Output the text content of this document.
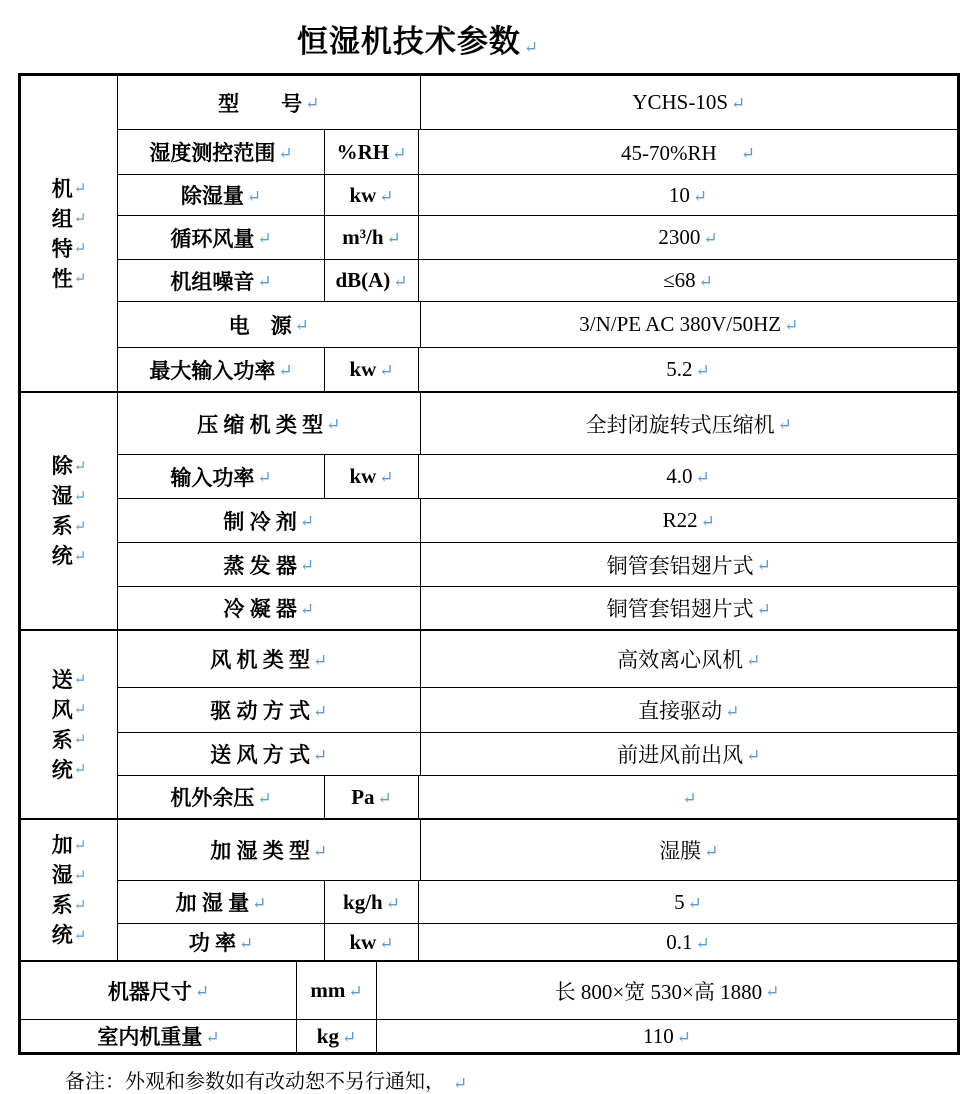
恒湿机技术参数 ↵
机 ↵
组 ↵
特 ↵
性 ↵
型　　号 ↵	YCHS-10S ↵
湿度测控范围 ↵ %RH ↵	45-70%RH　 ↵
除湿量 ↵	kw ↵	10 ↵
循环风量 ↵	m³/h ↵	2300 ↵
机组噪音 ↵	dB(A) ↵	≤68 ↵
电　源 ↵	3/N/PE AC 380V/50HZ ↵
最大输入功率 ↵	kw ↵	5.2 ↵
除 ↵
湿 ↵
系 ↵
统 ↵
压 缩 机 类 型 ↵	全封闭旋转式压缩机 ↵
输入功率 ↵	kw ↵	4.0 ↵
制 冷 剂 ↵	R22 ↵
蒸 发 器 ↵	铜管套铝翅片式 ↵
冷 凝 器 ↵	铜管套铝翅片式 ↵
送 ↵
风 ↵
系 ↵
统 ↵
风 机 类 型 ↵	高效离心风机 ↵
驱 动 方 式 ↵	直接驱动 ↵
送 风 方 式 ↵	前进风前出风 ↵
机外余压 ↵	Pa ↵	↵
加 ↵
湿 ↵
系 ↵
统 ↵
加 湿 类 型 ↵	湿膜 ↵
加 湿 量 ↵	kg/h ↵	5 ↵
功 率 ↵	kw ↵	0.1 ↵
机器尺寸 ↵	mm ↵	长 800×宽 530×高 1880 ↵
室内机重量 ↵	kg ↵	110 ↵
备注：外观和参数如有改动恕不另行通知， ↵
